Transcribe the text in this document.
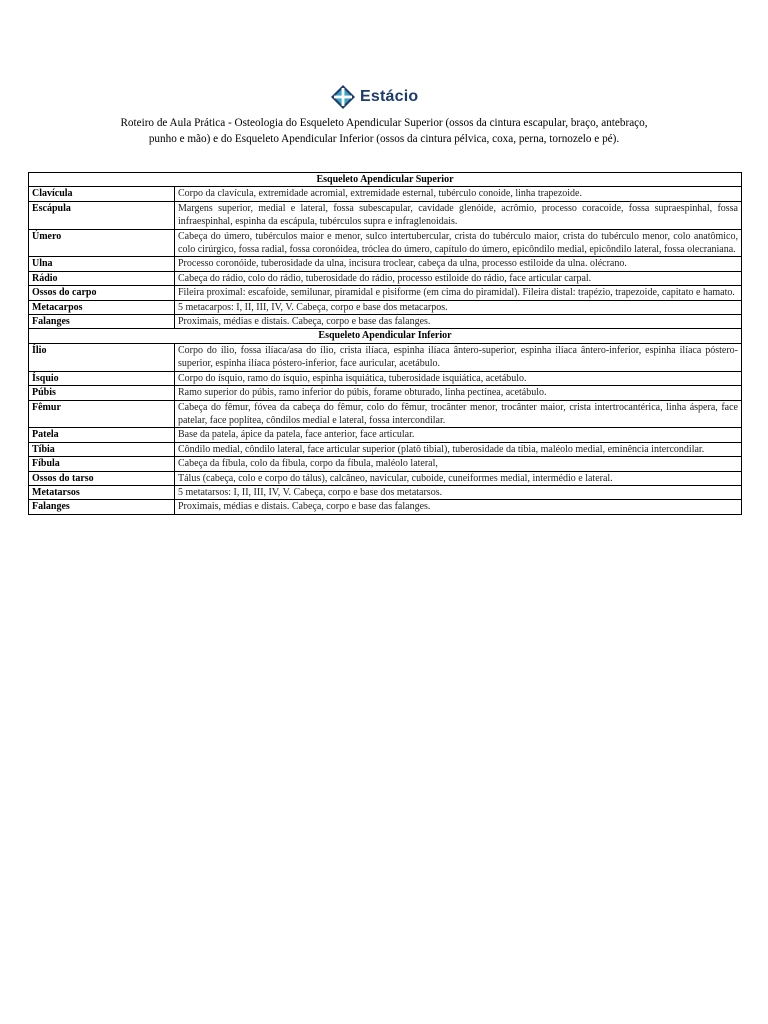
Estácio
Roteiro de Aula Prática - Osteologia do Esqueleto Apendicular Superior (ossos da cintura escapular, braço, antebraço, punho e mão) e do Esqueleto Apendicular Inferior (ossos da cintura pélvica, coxa, perna, tornozelo e pé).
Esqueleto Apendicular Superior	
Clavícula	Corpo da clavícula, extremidade acromial, extremidade esternal, tubérculo conoide, linha trapezoide.
Escápula	Margens superior, medial e lateral, fossa subescapular, cavidade glenóide, acrômio, processo coracoide, fossa supraespinhal, fossa infraespinhal, espinha da escápula, tubérculos supra e infraglenoidais.
Úmero	Cabeça do úmero, tubérculos maior e menor, sulco intertubercular, crista do tubérculo maior, crista do tubérculo menor, colo anatômico, colo cirúrgico, fossa radial, fossa coronóidea, tróclea do úmero, capítulo do úmero, epicôndilo medial, epicôndilo lateral, fossa olecraniana.
Ulna	Processo coronóide, tuberosidade da ulna, incisura troclear, cabeça da ulna, processo estiloide da ulna. olécrano.
Rádio	Cabeça do rádio, colo do rádio, tuberosidade do rádio, processo estiloide do rádio, face articular carpal.
Ossos do carpo	Fileira proximal: escafoide, semilunar, piramidal e pisiforme (em cima do piramidal). Fileira distal: trapézio, trapezoide, capitato e hamato.
Metacarpos	5 metacarpos: I, II, III, IV, V. Cabeça, corpo e base dos metacarpos.
Falanges	Proximais, médias e distais. Cabeça, corpo e base das falanges.
Esqueleto Apendicular Inferior	
Ílio	Corpo do ílio, fossa ilíaca/asa do ílio, crista ilíaca, espinha ilíaca ântero-superior, espinha ilíaca ântero-inferior, espinha ilíaca póstero-superior, espinha ilíaca póstero-inferior, face auricular, acetábulo.
Ísquio	Corpo do ísquio, ramo do ísquio, espinha isquiática, tuberosidade isquiática, acetábulo.
Púbis	Ramo superior do púbis, ramo inferior do púbis, forame obturado, linha pectínea, acetábulo.
Fêmur	Cabeça do fêmur, fóvea da cabeça do fêmur, colo do fêmur, trocânter menor, trocânter maior, crista intertrocantérica, linha áspera, face patelar, face poplítea, côndilos medial e lateral, fossa intercondilar.
Patela	Base da patela, ápice da patela, face anterior, face articular.
Tíbia	Côndilo medial, côndilo lateral, face articular superior (platô tibial), tuberosidade da tíbia, maléolo medial, eminência intercondilar.
Fíbula	Cabeça da fíbula, colo da fíbula, corpo da fíbula, maléolo lateral,
Ossos do tarso	Tálus (cabeça, colo e corpo do tálus), calcâneo, navicular, cuboide, cuneiformes medial, intermédio e lateral.
Metatarsos	5 metatarsos: I, II, III, IV, V. Cabeça, corpo e base dos metatarsos.
Falanges	Proximais, médias e distais. Cabeça, corpo e base das falanges.
